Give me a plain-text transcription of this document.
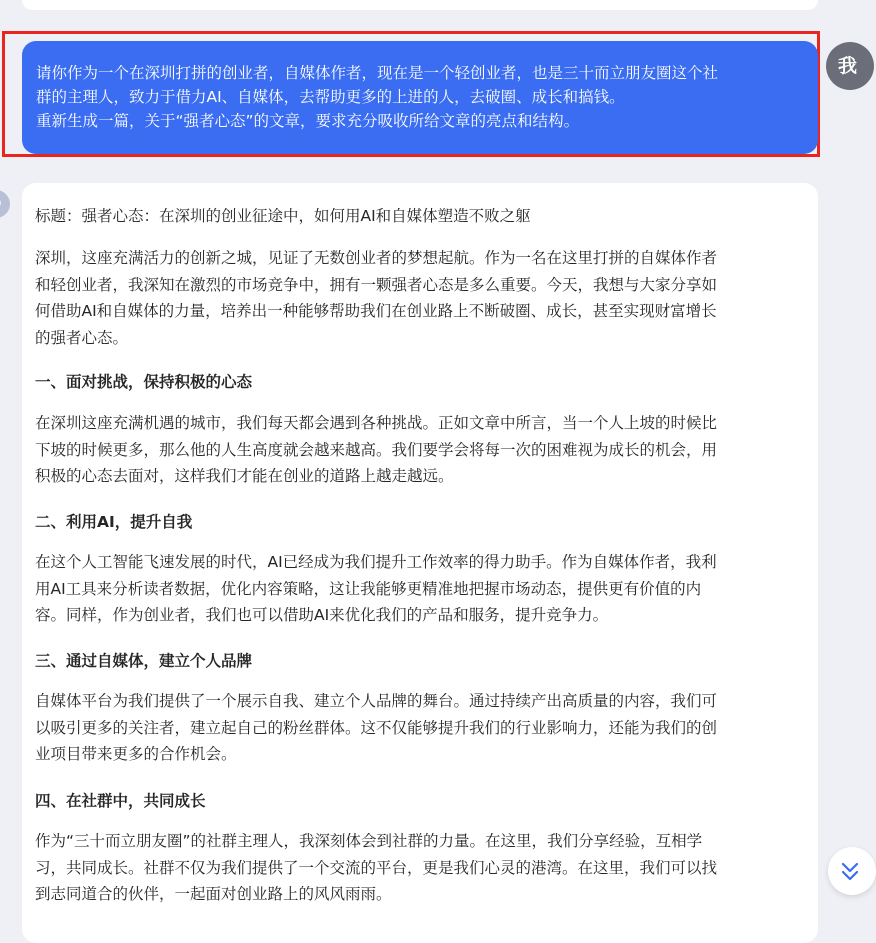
请你作为一个在深圳打拼的创业者，自媒体作者，现在是一个轻创业者，也是三十而立朋友圈这个社
群的主理人，致力于借力AI、自媒体，去帮助更多的上进的人，去破圈、成长和搞钱。
重新生成一篇，关于“强者心态”的文章，要求充分吸收所给文章的亮点和结构。
我
标题：强者心态：在深圳的创业征途中，如何用AI和自媒体塑造不败之躯
深圳，这座充满活力的创新之城，见证了无数创业者的梦想起航。作为一名在这里打拼的自媒体作者
和轻创业者，我深知在激烈的市场竞争中，拥有一颗强者心态是多么重要。今天，我想与大家分享如
何借助AI和自媒体的力量，培养出一种能够帮助我们在创业路上不断破圈、成长，甚至实现财富增长
的强者心态。
一、面对挑战，保持积极的心态
在深圳这座充满机遇的城市，我们每天都会遇到各种挑战。正如文章中所言，当一个人上坡的时候比
下坡的时候更多，那么他的人生高度就会越来越高。我们要学会将每一次的困难视为成长的机会，用
积极的心态去面对，这样我们才能在创业的道路上越走越远。
二、利用AI，提升自我
在这个人工智能飞速发展的时代，AI已经成为我们提升工作效率的得力助手。作为自媒体作者，我利
用AI工具来分析读者数据，优化内容策略，这让我能够更精准地把握市场动态，提供更有价值的内
容。同样，作为创业者，我们也可以借助AI来优化我们的产品和服务，提升竞争力。
三、通过自媒体，建立个人品牌
自媒体平台为我们提供了一个展示自我、建立个人品牌的舞台。通过持续产出高质量的内容，我们可
以吸引更多的关注者，建立起自己的粉丝群体。这不仅能够提升我们的行业影响力，还能为我们的创
业项目带来更多的合作机会。
四、在社群中，共同成长
作为“三十而立朋友圈”的社群主理人，我深刻体会到社群的力量。在这里，我们分享经验，互相学
习，共同成长。社群不仅为我们提供了一个交流的平台，更是我们心灵的港湾。在这里，我们可以找
到志同道合的伙伴，一起面对创业路上的风风雨雨。
